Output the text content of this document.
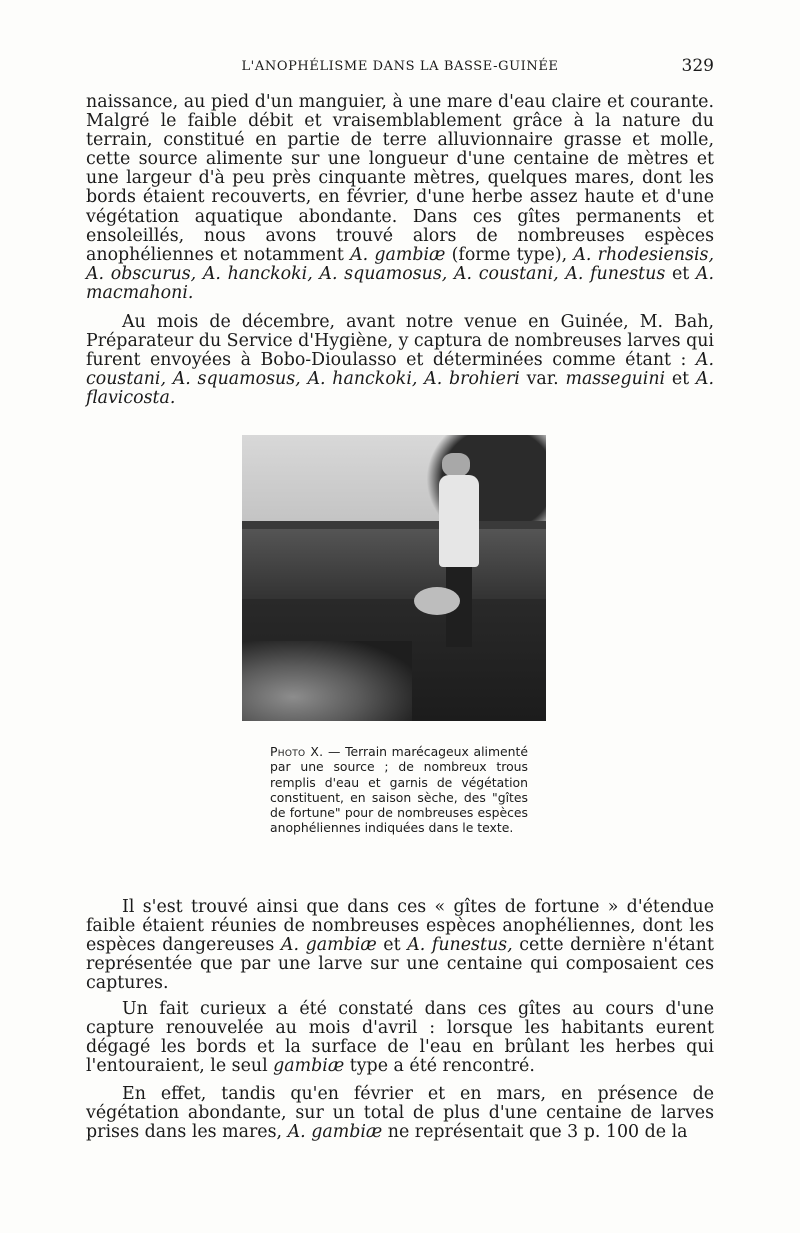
L'ANOPHÉLISME DANS LA BASSE-GUINÉE	329

naissance, au pied d'un manguier, à une mare d'eau claire et courante. Malgré le faible débit et vraisemblablement grâce à la nature du terrain, constitué en partie de terre alluvionnaire grasse et molle, cette source alimente sur une longueur d'une centaine de mètres et une largeur d'à peu près cinquante mètres, quelques mares, dont les bords étaient recouverts, en février, d'une herbe assez haute et d'une végétation aquatique abondante. Dans ces gîtes permanents et ensoleillés, nous avons trouvé alors de nombreuses espèces anophéliennes et notamment A. gambiæ (forme type), A. rhodesiensis, A. obscurus, A. hanckoki, A. squamosus, A. coustani, A. funestus et A. macmahoni.

Au mois de décembre, avant notre venue en Guinée, M. Bah, Préparateur du Service d'Hygiène, y captura de nombreuses larves qui furent envoyées à Bobo-Dioulasso et déterminées comme étant : A. coustani, A. squamosus, A. hanckoki, A. brohieri var. masseguini et A. flavicosta.

Photo X. — Terrain marécageux alimenté par une source ; de nombreux trous remplis d'eau et garnis de végétation constituent, en saison sèche, des "gîtes de fortune" pour de nombreuses espèces anophéliennes indiquées dans le texte.

Il s'est trouvé ainsi que dans ces « gîtes de fortune » d'étendue faible étaient réunies de nombreuses espèces anophéliennes, dont les espèces dangereuses A. gambiæ et A. funestus, cette dernière n'étant représentée que par une larve sur une centaine qui composaient ces captures.

Un fait curieux a été constaté dans ces gîtes au cours d'une capture renouvelée au mois d'avril : lorsque les habitants eurent dégagé les bords et la surface de l'eau en brûlant les herbes qui l'entouraient, le seul gambiæ type a été rencontré.

En effet, tandis qu'en février et en mars, en présence de végétation abondante, sur un total de plus d'une centaine de larves prises dans les mares, A. gambiæ ne représentait que 3 p. 100 de la
